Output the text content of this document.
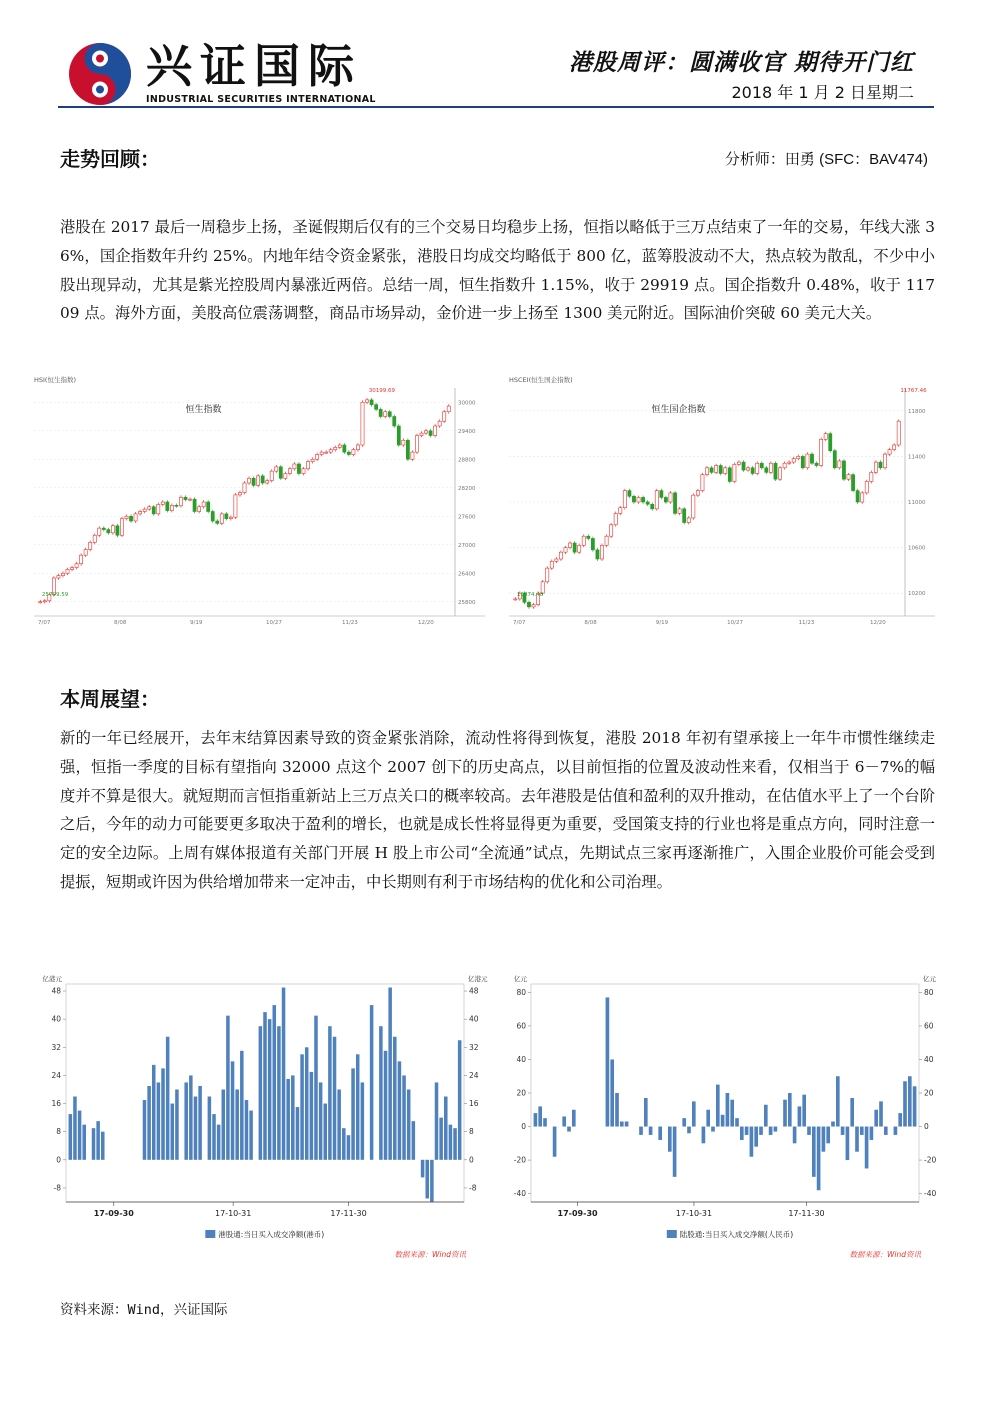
兴证国际
INDUSTRIAL SECURITIES INTERNATIONAL
港股周评：圆满收官 期待开门红
2018 年 1 月 2 日星期二
走势回顾：	分析师：田勇 (SFC：BAV474)
港股在 2017 最后一周稳步上扬，圣诞假期后仅有的三个交易日均稳步上扬，恒指以略低于三万点结束了一年的交易，年线大涨 36%，国企指数年升约 25%。内地年结令资金紧张，港股日均成交均略低于 800 亿，蓝筹股波动不大，热点较为散乱，不少中小股出现异动，尤其是紫光控股周内暴涨近两倍。总结一周，恒生指数升 1.15%，收于 29919 点。国企指数升 0.48%，收于 11709 点。海外方面，美股高位震荡调整，商品市场异动，金价进一步上扬至 1300 美元附近。国际油价突破 60 美元大关。
HSI(恒生指数)
25800
26400
27000
27600
28200
28800
29400
30000
恒生指数
30199.69
25799.59
7/07	8/08	9/19	10/27	11/23	12/20
HSCEI(恒生国企指数)
10200
10600
11000
11400
11800
恒生国企指数
11767.46
10074.48
7/07	8/08	9/19	10/27	11/23	12/20
本周展望：
新的一年已经展开，去年末结算因素导致的资金紧张消除，流动性将得到恢复，港股 2018 年初有望承接上一年牛市惯性继续走强，恒指一季度的目标有望指向 32000 点这个 2007 创下的历史高点，以目前恒指的位置及波动性来看，仅相当于 6－7%的幅度并不算是很大。就短期而言恒指重新站上三万点关口的概率较高。去年港股是估值和盈利的双升推动，在估值水平上了一个台阶之后，今年的动力可能要更多取决于盈利的增长，也就是成长性将显得更为重要，受国策支持的行业也将是重点方向，同时注意一定的安全边际。上周有媒体报道有关部门开展 H 股上市公司“全流通”试点，先期试点三家再逐渐推广，入围企业股价可能会受到提振，短期或许因为供给增加带来一定冲击，中长期则有利于市场结构的优化和公司治理。
亿港元	亿港元
-8	-8
0	0
8	8
16	16
24	24
32	32
40	40
48	48
17-09-30	17-10-31	17-11-30
港股通:当日买入成交净额(港币)
数据来源：Wind资讯
亿元	亿元
-40	-40
-20	-20
0	0
20	20
40	40
60	60
80	80
17-09-30	17-10-31	17-11-30
陆股通:当日买入成交净额(人民币)
数据来源：Wind资讯
资料来源：Wind，兴证国际
